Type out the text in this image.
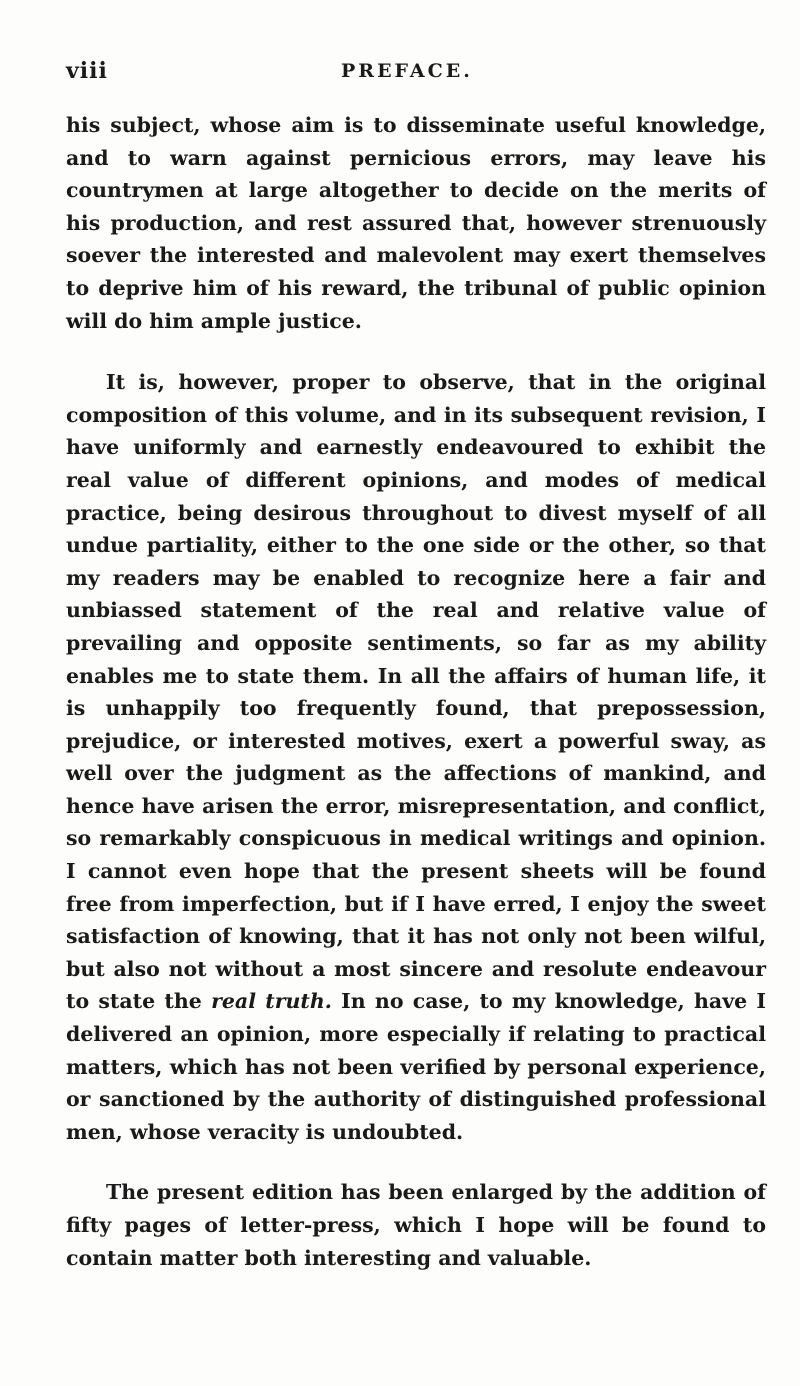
viii	PREFACE.

his subject, whose aim is to disseminate useful knowledge, and to warn against pernicious errors, may leave his countrymen at large altogether to decide on the merits of his production, and rest assured that, however strenuously soever the interested and malevolent may exert themselves to deprive him of his reward, the tribunal of public opinion will do him ample justice.

It is, however, proper to observe, that in the original composition of this volume, and in its subsequent revision, I have uniformly and earnestly endeavoured to exhibit the real value of different opinions, and modes of medical practice, being desirous throughout to divest myself of all undue partiality, either to the one side or the other, so that my readers may be enabled to recognize here a fair and unbiassed statement of the real and relative value of prevailing and opposite sentiments, so far as my ability enables me to state them. In all the affairs of human life, it is unhappily too frequently found, that prepossession, prejudice, or interested motives, exert a powerful sway, as well over the judgment as the affections of mankind, and hence have arisen the error, misrepresentation, and conflict, so remarkably conspicuous in medical writings and opinion. I cannot even hope that the present sheets will be found free from imperfection, but if I have erred, I enjoy the sweet satisfaction of knowing, that it has not only not been wilful, but also not without a most sincere and resolute endeavour to state the real truth. In no case, to my knowledge, have I delivered an opinion, more especially if relating to practical matters, which has not been verified by personal experience, or sanctioned by the authority of distinguished professional men, whose veracity is undoubted.

The present edition has been enlarged by the addition of fifty pages of letter-press, which I hope will be found to contain matter both interesting and valuable.
